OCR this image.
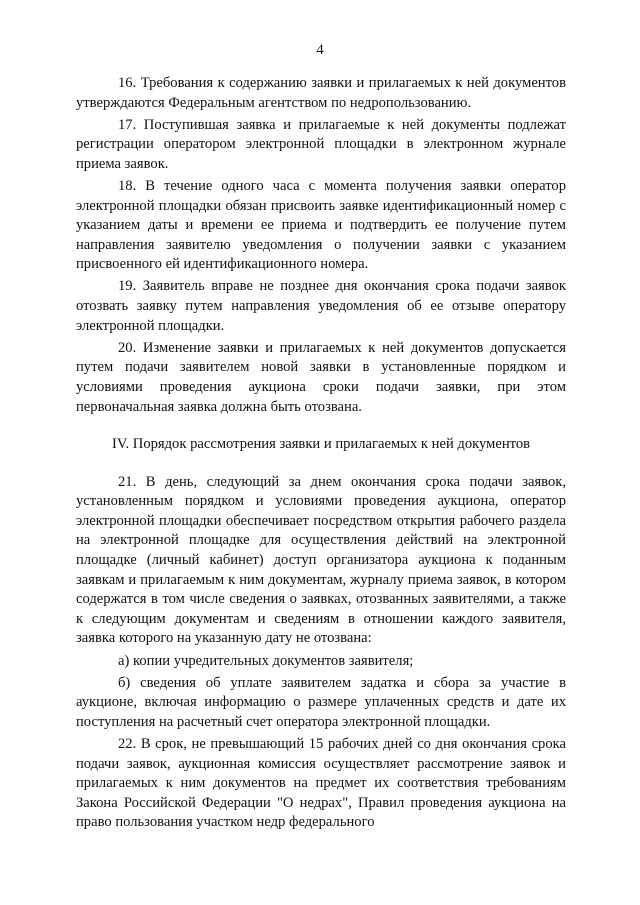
4

16. Требования к содержанию заявки и прилагаемых к ней документов утверждаются Федеральным агентством по недропользованию.

17. Поступившая заявка и прилагаемые к ней документы подлежат регистрации оператором электронной площадки в электронном журнале приема заявок.

18. В течение одного часа с момента получения заявки оператор электронной площадки обязан присвоить заявке идентификационный номер с указанием даты и времени ее приема и подтвердить ее получение путем направления заявителю уведомления о получении заявки с указанием присвоенного ей идентификационного номера.

19. Заявитель вправе не позднее дня окончания срока подачи заявок отозвать заявку путем направления уведомления об ее отзыве оператору электронной площадки.

20. Изменение заявки и прилагаемых к ней документов допускается путем подачи заявителем новой заявки в установленные порядком и условиями проведения аукциона сроки подачи заявки, при этом первоначальная заявка должна быть отозвана.

IV. Порядок рассмотрения заявки и прилагаемых к ней документов

21. В день, следующий за днем окончания срока подачи заявок, установленным порядком и условиями проведения аукциона, оператор электронной площадки обеспечивает посредством открытия рабочего раздела на электронной площадке для осуществления действий на электронной площадке (личный кабинет) доступ организатора аукциона к поданным заявкам и прилагаемым к ним документам, журналу приема заявок, в котором содержатся в том числе сведения о заявках, отозванных заявителями, а также к следующим документам и сведениям в отношении каждого заявителя, заявка которого на указанную дату не отозвана:

а) копии учредительных документов заявителя;

б) сведения об уплате заявителем задатка и сбора за участие в аукционе, включая информацию о размере уплаченных средств и дате их поступления на расчетный счет оператора электронной площадки.

22. В срок, не превышающий 15 рабочих дней со дня окончания срока подачи заявок, аукционная комиссия осуществляет рассмотрение заявок и прилагаемых к ним документов на предмет их соответствия требованиям Закона Российской Федерации "О недрах", Правил проведения аукциона на право пользования участком недр федерального
